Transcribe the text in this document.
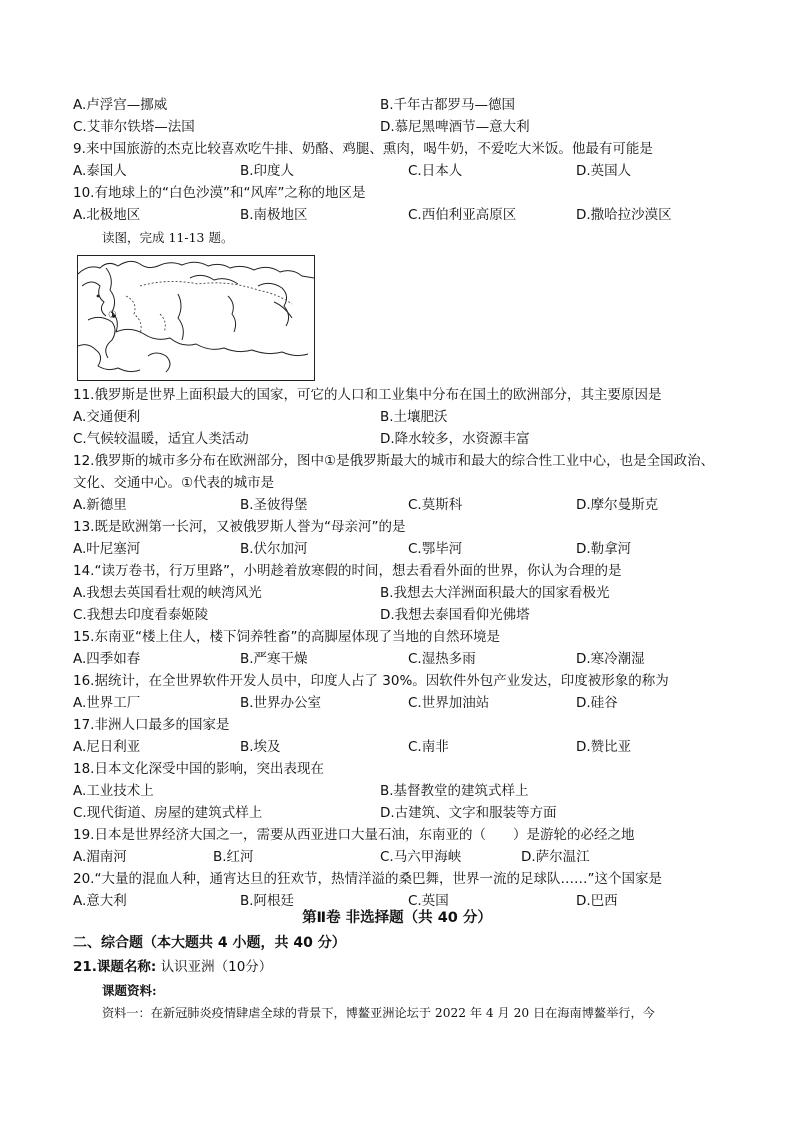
A.卢浮宫—挪威	B.千年古都罗马—德国
C.艾菲尔铁塔—法国	D.慕尼黑啤酒节—意大利
9.来中国旅游的杰克比较喜欢吃牛排、奶酪、鸡腿、熏肉，喝牛奶，不爱吃大米饭。他最有可能是
A.泰国人	B.印度人	C.日本人	D.英国人
10.有地球上的“白色沙漠”和“风库”之称的地区是
A.北极地区	B.南极地区	C.西伯利亚高原区	D.撒哈拉沙漠区
读图，完成 11-13 题。
①
11.俄罗斯是世界上面积最大的国家，可它的人口和工业集中分布在国土的欧洲部分，其主要原因是
A.交通便利	B.土壤肥沃
C.气候较温暖，适宜人类活动	D.降水较多，水资源丰富
12.俄罗斯的城市多分布在欧洲部分，图中①是俄罗斯最大的城市和最大的综合性工业中心，也是全国政治、
文化、交通中心。①代表的城市是
A.新德里	B.圣彼得堡	C.莫斯科	D.摩尔曼斯克
13.既是欧洲第一长河，又被俄罗斯人誉为“母亲河”的是
A.叶尼塞河	B.伏尔加河	C.鄂毕河	D.勒拿河
14.“读万卷书，行万里路”，小明趁着放寒假的时间，想去看看外面的世界，你认为合理的是
A.我想去英国看壮观的峡湾风光	B.我想去大洋洲面积最大的国家看极光
C.我想去印度看泰姬陵	D.我想去泰国看仰光佛塔
15.东南亚“楼上住人，楼下饲养牲畜”的高脚屋体现了当地的自然环境是
A.四季如春	B.严寒干燥	C.湿热多雨	D.寒冷潮湿
16.据统计，在全世界软件开发人员中，印度人占了 30%。因软件外包产业发达，印度被形象的称为
A.世界工厂	B.世界办公室	C.世界加油站	D.硅谷
17.非洲人口最多的国家是
A.尼日利亚	B.埃及	C.南非	D.赞比亚
18.日本文化深受中国的影响，突出表现在
A.工业技术上	B.基督教堂的建筑式样上
C.现代街道、房屋的建筑式样上	D.古建筑、文字和服装等方面
19.日本是世界经济大国之一，需要从西亚进口大量石油，东南亚的（　　）是游轮的必经之地
A.湄南河	B.红河	C.马六甲海峡	D.萨尔温江
20.“大量的混血人种，通宵达旦的狂欢节，热情洋溢的桑巴舞，世界一流的足球队……”这个国家是
A.意大利	B.阿根廷	C.英国	D.巴西
第Ⅱ卷 非选择题（共 40 分）
二、综合题（本大题共 4 小题，共 40 分）
21.课题名称: 认识亚洲（10分）
课题资料:
资料一：在新冠肺炎疫情肆虐全球的背景下，博鳌亚洲论坛于 2022 年 4 月 20 日在海南博鳌举行，今
